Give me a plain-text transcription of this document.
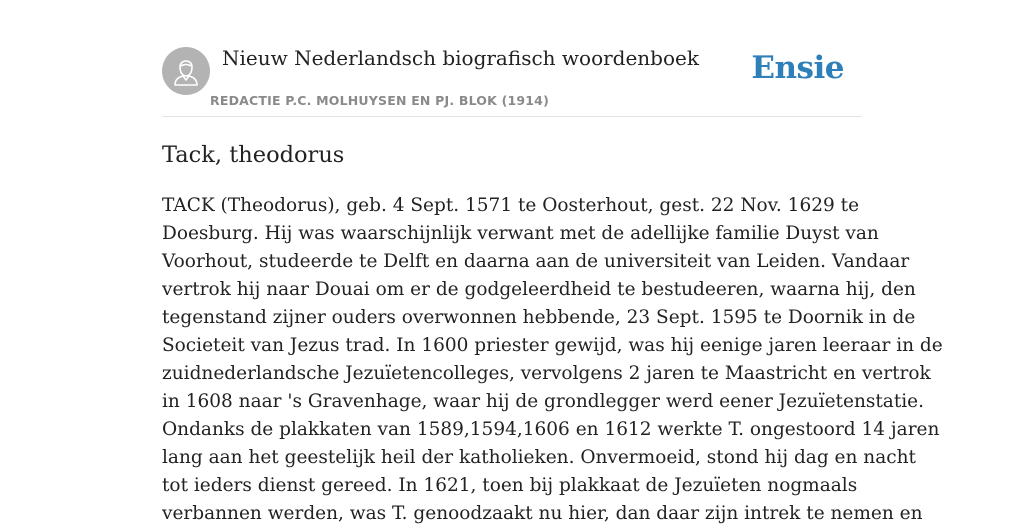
Nieuw Nederlandsch biografisch woordenboek
REDACTIE P.C. MOLHUYSEN EN PJ. BLOK (1914)
Ensie
Tack, theodorus
TACK (Theodorus), geb. 4 Sept. 1571 te Oosterhout, gest. 22 Nov. 1629 te
Doesburg. Hij was waarschijnlijk verwant met de adellijke familie Duyst van
Voorhout, studeerde te Delft en daarna aan de universiteit van Leiden. Vandaar
vertrok hij naar Douai om er de godgeleerdheid te bestudeeren, waarna hij, den
tegenstand zijner ouders overwonnen hebbende, 23 Sept. 1595 te Doornik in de
Societeit van Jezus trad. In 1600 priester gewijd, was hij eenige jaren leeraar in de
zuidnederlandsche Jezuïetencolleges, vervolgens 2 jaren te Maastricht en vertrok
in 1608 naar 's Gravenhage, waar hij de grondlegger werd eener Jezuïetenstatie.
Ondanks de plakkaten van 1589,1594,1606 en 1612 werkte T. ongestoord 14 jaren
lang aan het geestelijk heil der katholieken. Onvermoeid, stond hij dag en nacht
tot ieders dienst gereed. In 1621, toen bij plakkaat de Jezuïeten nogmaals
verbannen werden, was T. genoodzaakt nu hier, dan daar zijn intrek te nemen en
